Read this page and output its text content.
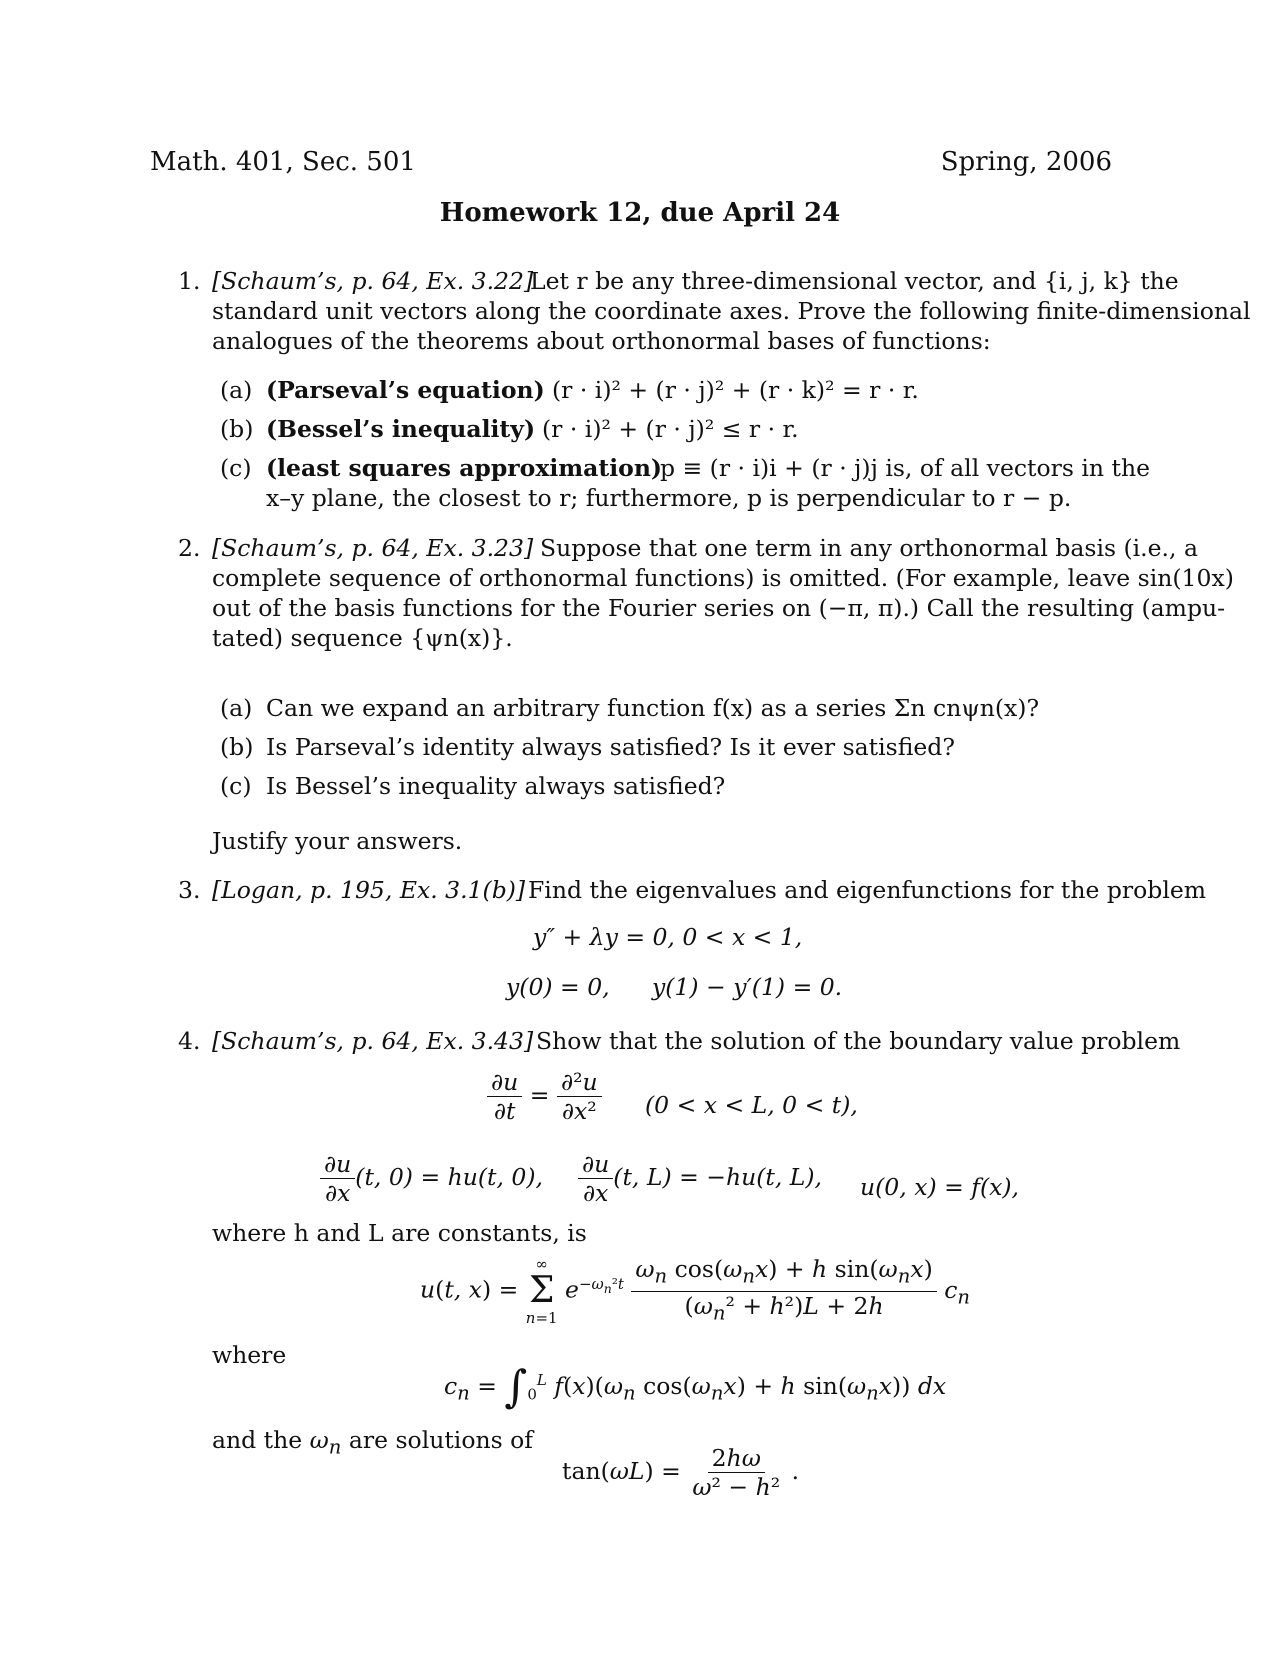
Math. 401, Sec. 501	Spring, 2006
Homework 12, due April 24
1. [Schaum’s, p. 64, Ex. 3.22]
Let r be any three-dimensional vector, and {i, j, k} the
standard unit vectors along the coordinate axes. Prove the following finite-dimensional
analogues of the theorems about orthonormal bases of functions:
(a) (Parseval’s equation) (r · i)² + (r · j)² + (r · k)² = r · r.
(b) (Bessel’s inequality) (r · i)² + (r · j)² ≤ r · r.
(c) (least squares approximation)
p ≡ (r · i)i + (r · j)j is, of all vectors in the
x–y plane, the closest to r; furthermore, p is perpendicular to r − p.
2. [Schaum’s, p. 64, Ex. 3.23] Suppose that one term in any orthonormal basis (i.e., a
complete sequence of orthonormal functions) is omitted. (For example, leave sin(10x)
out of the basis functions for the Fourier series on (−π, π).) Call the resulting (ampu-
tated) sequence {ψn(x)}.
(a) Can we expand an arbitrary function f(x) as a series Σn cnψn(x)?
(b) Is Parseval’s identity always satisfied? Is it ever satisfied?
(c) Is Bessel’s inequality always satisfied?
Justify your answers.
3. [Logan, p. 195, Ex. 3.1(b)] Find the eigenvalues and eigenfunctions for the problem
y″ + λy = 0, 0 < x < 1,
y(0) = 0, y(1) − y′(1) = 0.
4. [Schaum’s, p. 64, Ex. 3.43] Show that the solution of the boundary value problem
$\frac{\partial u}{\partial t} = \frac{\text{∂²u}}{\text{∂x²}} (0 < x < L$, 0 < t),
$\frac{\partial u}{\partial x} (t$, 0) = hu(t, 0), $\frac{\partial u}{\partial x} (t$, L) = −hu(t, L), u(0, x) = f(x),
where h and L are constants, is
u(t, x) =
∞
Σ
n=1
$e^{-\omega_n^2t} \frac{\omega_n \cos(\omega_nx) + h \sin(\omega_nx)}{(\omega_n^2 + h^2)L + 2h} c_n$
where
$c_n = \int_0^L$ $f(x)(\omega_n$ $\cos(\omega_nx) + h$ $\sin(\omega_nx)$) dx
and the $\omega_n$ are solutions of
$\tan(\omega L) = \frac{2h\omega}{\text{ω² − h²}}$ .
